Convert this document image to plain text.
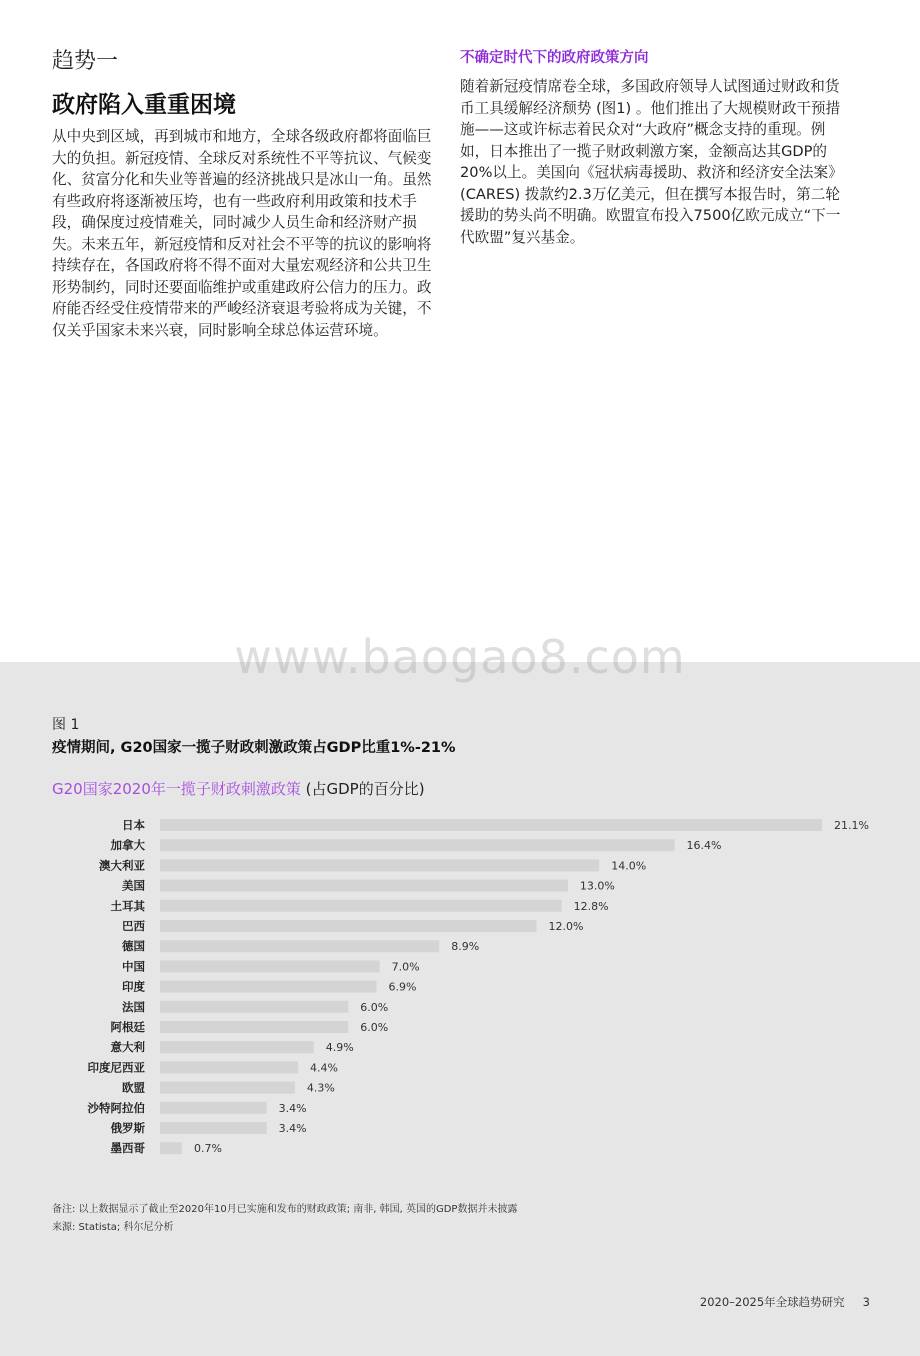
趋势一
政府陷入重重困境

从中央到区域，再到城市和地方，全球各级政府都将面临巨大的负担。新冠疫情、全球反对系统性不平等抗议、气候变化、贫富分化和失业等普遍的经济挑战只是冰山一角。虽然有些政府将逐渐被压垮，也有一些政府利用政策和技术手段，确保度过疫情难关，同时减少人员生命和经济财产损失。未来五年，新冠疫情和反对社会不平等的抗议的影响将持续存在，各国政府将不得不面对大量宏观经济和公共卫生形势制约，同时还要面临维护或重建政府公信力的压力。政府能否经受住疫情带来的严峻经济衰退考验将成为关键，不仅关乎国家未来兴衰，同时影响全球总体运营环境。

不确定时代下的政府政策方向

随着新冠疫情席卷全球，多国政府领导人试图通过财政和货币工具缓解经济颓势 (图1) 。他们推出了大规模财政干预措施——这或许标志着民众对“大政府”概念支持的重现。例如，日本推出了一揽子财政刺激方案，金额高达其GDP的20%以上。美国向《冠状病毒援助、救济和经济安全法案》 (CARES) 拨款约2.3万亿美元，但在撰写本报告时，第二轮援助的势头尚不明确。欧盟宣布投入7500亿欧元成立“下一代欧盟”复兴基金。

www.baogao8.com
图 1
疫情期间, G20国家一揽子财政刺激政策占GDP比重1%-21%
G20国家2020年一揽子财政刺激政策 (占GDP的百分比)
日本	21.1%
加拿大	16.4%
澳大利亚	14.0%
美国	13.0%
土耳其	12.8%
巴西	12.0%
德国	8.9%
中国	7.0%
印度	6.9%
法国	6.0%
阿根廷	6.0%
意大利	4.9%
印度尼西亚	4.4%
欧盟	4.3%
沙特阿拉伯	3.4%
俄罗斯	3.4%
墨西哥	0.7%
备注: 以上数据显示了截止至2020年10月已实施和发布的财政政策; 南非, 韩国, 英国的GDP数据并未披露
来源: Statista; 科尔尼分析
2020–2025年全球趋势研究 3
